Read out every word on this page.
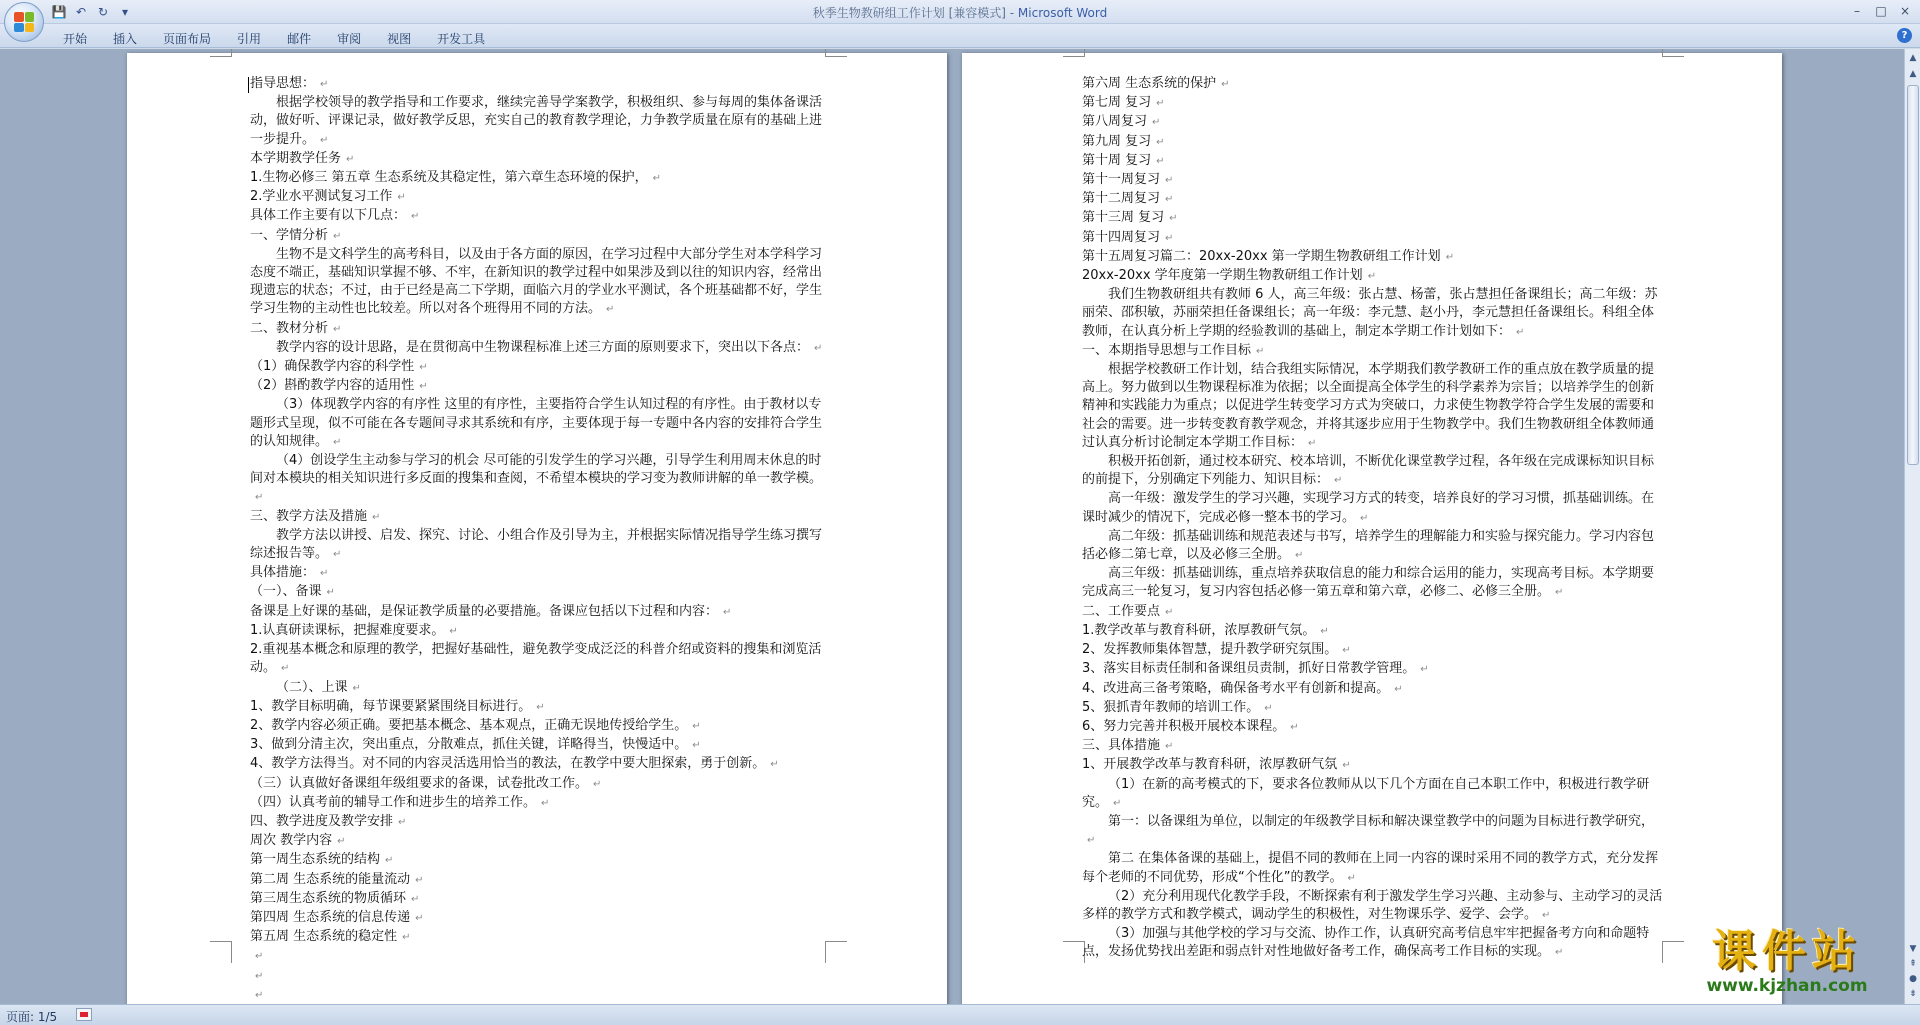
💾 ↶ ↻	▾	秋季生物教研组工作计划 [兼容模式] - Microsoft Word	–	□	×
开始	插入	页面布局	引用	邮件	审阅	视图	开发工具	?

指导思想： ↵

根据学校领导的教学指导和工作要求，继续完善导学案教学，积极组织、参与每周的集体备课活动，做好听、评课记录，做好教学反思，充实自己的教育教学理论，力争教学质量在原有的基础上进一步提升。 ↵

本学期教学任务 ↵

1.生物必修三 第五章 生态系统及其稳定性，第六章生态环境的保护， ↵

2.学业水平测试复习工作 ↵

具体工作主要有以下几点： ↵

一、学情分析 ↵

生物不是文科学生的高考科目，以及由于各方面的原因，在学习过程中大部分学生对本学科学习态度不端正，基础知识掌握不够、不牢，在新知识的教学过程中如果涉及到以往的知识内容，经常出现遗忘的状态；不过，由于已经是高二下学期，面临六月的学业水平测试，各个班基础都不好，学生学习生物的主动性也比较差。所以对各个班得用不同的方法。 ↵

二、教材分析 ↵

教学内容的设计思路，是在贯彻高中生物课程标准上述三方面的原则要求下，突出以下各点： ↵

（1）确保教学内容的科学性 ↵

（2）斟酌教学内容的适用性 ↵

（3）体现教学内容的有序性 这里的有序性，主要指符合学生认知过程的有序性。由于教材以专题形式呈现，似不可能在各专题间寻求其系统和有序，主要体现于每一专题中各内容的安排符合学生的认知规律。 ↵

（4）创设学生主动参与学习的机会 尽可能的引发学生的学习兴趣，引导学生利用周末休息的时间对本模块的相关知识进行多反面的搜集和查阅，不希望本模块的学习变为教师讲解的单一教学模。 ↵

三、教学方法及措施 ↵

教学方法以讲授、启发、探究、讨论、小组合作及引导为主，并根据实际情况指导学生练习撰写综述报告等。 ↵

具体措施： ↵

（一）、备课 ↵

备课是上好课的基础，是保证教学质量的必要措施。备课应包括以下过程和内容： ↵

1.认真研读课标，把握难度要求。 ↵

2.重视基本概念和原理的教学，把握好基础性，避免教学变成泛泛的科普介绍或资料的搜集和浏览活动。 ↵

（二）、上课 ↵

1、教学目标明确，每节课要紧紧围绕目标进行。 ↵

2、教学内容必须正确。要把基本概念、基本观点，正确无误地传授给学生。 ↵

3、做到分清主次，突出重点，分散难点，抓住关键，详略得当，快慢适中。 ↵

4、教学方法得当。对不同的内容灵活选用恰当的教法，在教学中要大胆探索，勇于创新。 ↵

（三）认真做好备课组年级组要求的备课，试卷批改工作。 ↵

（四）认真考前的辅导工作和进步生的培养工作。 ↵

四、教学进度及教学安排 ↵

周次 教学内容 ↵

第一周生态系统的结构 ↵

第二周 生态系统的能量流动 ↵

第三周生态系统的物质循环 ↵

第四周 生态系统的信息传递 ↵

第五周 生态系统的稳定性 ↵

↵

↵

↵

第六周 生态系统的保护 ↵

第七周 复习 ↵

第八周复习 ↵

第九周 复习 ↵

第十周 复习 ↵

第十一周复习 ↵

第十二周复习 ↵

第十三周 复习 ↵

第十四周复习 ↵

第十五周复习篇二：20xx-20xx 第一学期生物教研组工作计划 ↵

20xx-20xx 学年度第一学期生物教研组工作计划 ↵

我们生物教研组共有教师 6 人，高三年级：张占慧、杨蕾，张占慧担任备课组长；高二年级：苏丽荣、邵积敏，苏丽荣担任备课组长；高一年级：李元慧、赵小丹，李元慧担任备课组长。科组全体教师，在认真分析上学期的经验教训的基础上，制定本学期工作计划如下： ↵

一、本期指导思想与工作目标 ↵

根据学校教研工作计划，结合我组实际情况，本学期我们教学教研工作的重点放在教学质量的提高上。努力做到以生物课程标准为依据；以全面提高全体学生的科学素养为宗旨；以培养学生的创新精神和实践能力为重点；以促进学生转变学习方式为突破口，力求使生物教学符合学生发展的需要和社会的需要。进一步转变教育教学观念，并将其逐步应用于生物教学中。我们生物教研组全体教师通过认真分析讨论制定本学期工作目标： ↵

积极开拓创新，通过校本研究、校本培训，不断优化课堂教学过程，各年级在完成课标知识目标的前提下，分别确定下列能力、知识目标： ↵

高一年级：激发学生的学习兴趣，实现学习方式的转变，培养良好的学习习惯，抓基础训练。在课时减少的情况下，完成必修一整本书的学习。 ↵

高二年级：抓基础训练和规范表述与书写，培养学生的理解能力和实验与探究能力。学习内容包括必修二第七章，以及必修三全册。 ↵

高三年级：抓基础训练，重点培养获取信息的能力和综合运用的能力，实现高考目标。本学期要完成高三一轮复习，复习内容包括必修一第五章和第六章，必修二、必修三全册。 ↵

二、工作要点 ↵

1.教学改革与教育科研，浓厚教研气氛。 ↵

2、发挥教师集体智慧，提升教学研究氛围。 ↵

3、落实目标责任制和备课组员责制，抓好日常教学管理。 ↵

4、改进高三备考策略，确保备考水平有创新和提高。 ↵

5、狠抓青年教师的培训工作。 ↵

6、努力完善并积极开展校本课程。 ↵

三、具体措施 ↵

1、开展教学改革与教育科研，浓厚教研气氛 ↵

（1）在新的高考模式的下，要求各位教师从以下几个方面在自己本职工作中，积极进行教学研究。 ↵

第一：以备课组为单位，以制定的年级教学目标和解决课堂教学中的问题为目标进行教学研究， ↵

第二 在集体备课的基础上，提倡不同的教师在上同一内容的课时采用不同的教学方式，充分发挥每个老师的不同优势，形成“个性化”的教学。 ↵

（2）充分利用现代化教学手段，不断探索有利于激发学生学习兴趣、主动参与、主动学习的灵活多样的教学方式和教学模式，调动学生的积极性，对生物课乐学、爱学、会学。 ↵

（3）加强与其他学校的学习与交流、协作工作，认真研究高考信息牢牢把握备考方向和命题特点，发扬优势找出差距和弱点针对性地做好备考工作，确保高考工作目标的实现。 ↵

▲
▲
▼
⇞
●
⇟
课件站
www.kjzhan.com
页面: 1/5
